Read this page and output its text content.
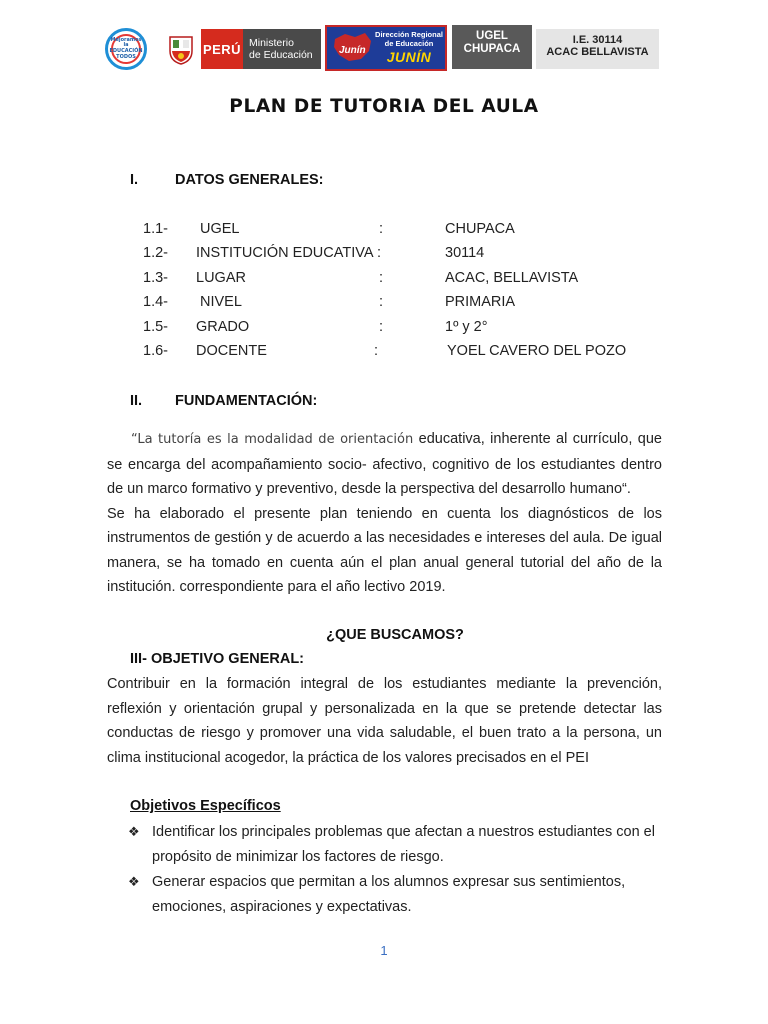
Mejoramos la
EDUCACIÓN
TODOS
PERÚ Ministerio
de Educación	Junín
Dirección Regional
de Educación
JUNÍN
UGEL
CHUPACA
I.E. 30114
ACAC BELLAVISTA
PLAN DE TUTORIA DEL AULA
I.	DATOS GENERALES:
1.1- UGEL	:	CHUPACA
1.2- INSTITUCIÓN EDUCATIVA :	30114
1.3- LUGAR	:	ACAC, BELLAVISTA
1.4- NIVEL	:	PRIMARIA
1.5- GRADO	:	1º y 2°
1.6- DOCENTE	:	YOEL CAVERO DEL POZO
II. FUNDAMENTACIÓN:

“La tutoría es la modalidad de orientación educativa, inherente al currículo, que se encarga del acompañamiento socio- afectivo, cognitivo de los estudiantes dentro de un marco formativo y preventivo, desde la perspectiva del desarrollo humano“.

Se ha elaborado el presente plan teniendo en cuenta los diagnósticos de los instrumentos de gestión y de acuerdo a las necesidades e intereses del aula. De igual manera, se ha tomado en cuenta aún el plan anual general tutorial del año de la institución. correspondiente para el año lectivo 2019.

¿QUE BUSCAMOS?
III- OBJETIVO GENERAL:

Contribuir en la formación integral de los estudiantes mediante la prevención, reflexión y orientación grupal y personalizada en la que se pretende detectar las conductas de riesgo y promover una vida saludable, el buen trato a la persona, un clima institucional acogedor, la práctica de los valores precisados en el PEI

Objetivos Específicos
❖ Identificar los principales problemas que afectan a nuestros estudiantes con el propósito de minimizar los factores de riesgo.
❖ Generar espacios que permitan a los alumnos expresar sus sentimientos, emociones, aspiraciones y expectativas.
1
